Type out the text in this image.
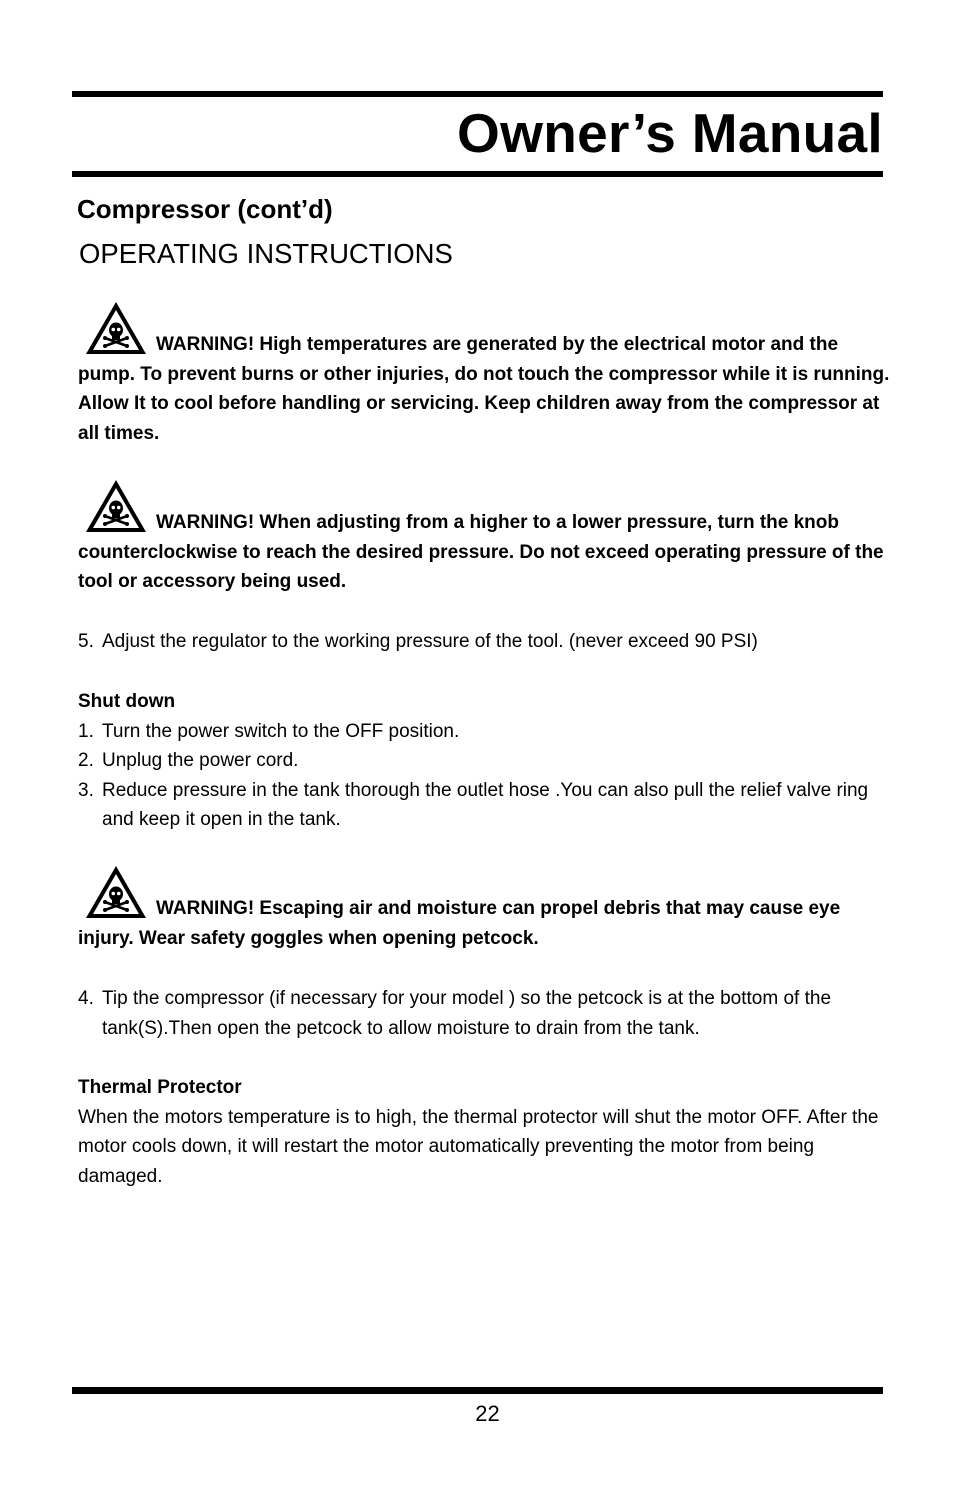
Owner’s Manual
Compressor (cont’d)
OPERATING INSTRUCTIONS
WARNING! High temperatures are generated by the electrical motor and the pump. To prevent burns or other injuries, do not touch the compressor while it is running. Allow It to cool before handling or servicing. Keep children away from the compressor at all times.
WARNING! When adjusting from a higher to a lower pressure, turn the knob counterclockwise to reach the desired pressure. Do not exceed operating pressure of the tool or accessory being used.
5. Adjust the regulator to the working pressure of the tool. (never exceed 90 PSI)
Shut down
1. Turn the power switch to the OFF position.
2. Unplug the power cord.
3. Reduce pressure in the tank thorough the outlet hose .You can also pull the relief valve ring and keep it open in the tank.
WARNING! Escaping air and moisture can propel debris that may cause eye injury. Wear safety goggles when opening petcock.
4. Tip the compressor (if necessary for your model ) so the petcock is at the bottom of the tank(S).Then open the petcock to allow moisture to drain from the tank.
Thermal Protector
When the motors temperature is to high, the thermal protector will shut the motor OFF. After the motor cools down, it will restart the motor automatically preventing the motor from being damaged.
22
